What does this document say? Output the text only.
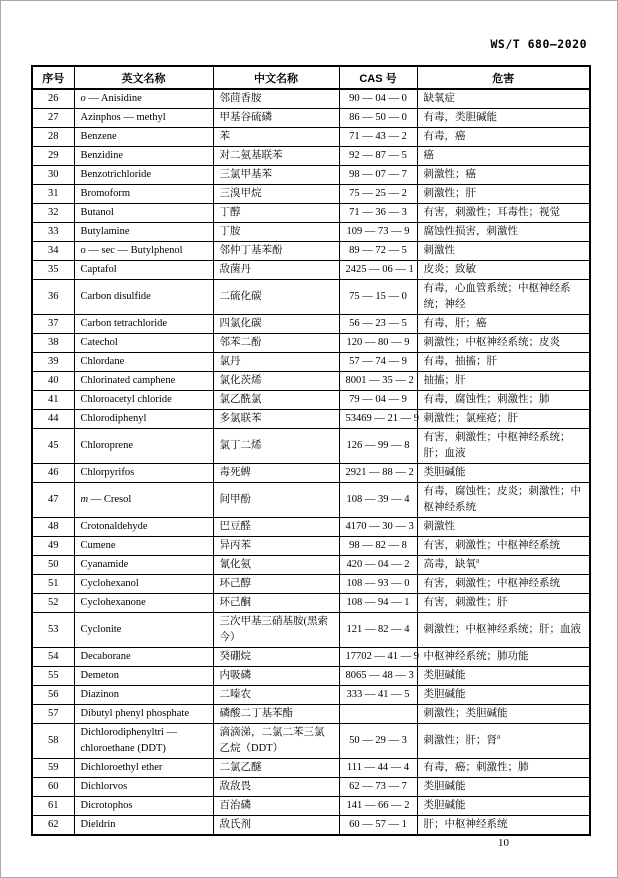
WS/T 680—2020
序号	英文名称	中文名称	CAS 号	危害
26	o — Anisidine	邻茴香胺	90 — 04 — 0	缺氧症
27	Azinphos — methyl	甲基谷硫磷	86 — 50 — 0	有毒，类胆碱能
28	Benzene	苯	71 — 43 — 2	有毒，癌
29	Benzidine	对二氨基联苯	92 — 87 — 5	癌
30	Benzotrichloride	三氯甲基苯	98 — 07 — 7	刺激性；癌
31	Bromoform	三溴甲烷	75 — 25 — 2	刺激性；肝
32	Butanol	丁醇	71 — 36 — 3	有害，刺激性；耳毒性；视觉
33	Butylamine	丁胺	109 — 73 — 9	腐蚀性损害，刺激性
34	o — sec — Butylphenol	邻仲丁基苯酚	89 — 72 — 5	刺激性
35	Captafol	敌菌丹	2425 — 06 — 1	皮炎；致敏
36	Carbon disulfide	二硫化碳	75 — 15 — 0	有毒，心血管系统；中枢神经系统；神经
37	Carbon tetrachloride	四氯化碳	56 — 23 — 5	有毒，肝；癌
38	Catechol	邻苯二酚	120 — 80 — 9	刺激性；中枢神经系统；皮炎
39	Chlordane	氯丹	57 — 74 — 9	有毒，抽搐；肝
40	Chlorinated camphene	氯化茨烯	8001 — 35 — 2	抽搐；肝
41	Chloroacetyl chloride	氯乙酰氯	79 — 04 — 9	有毒，腐蚀性；刺激性；肺
44	Chlorodiphenyl	多氯联苯	53469 — 21 — 9	刺激性；氯痤疮；肝
45	Chloroprene	氯丁二烯	126 — 99 — 8	有害，刺激性；中枢神经系统；肝；血液
46	Chlorpyrifos	毒死蜱	2921 — 88 — 2	类胆碱能
47	m — Cresol	间甲酚	108 — 39 — 4	有毒，腐蚀性；皮炎；刺激性；中枢神经系统
48	Crotonaldehyde	巴豆醛	4170 — 30 — 3	刺激性
49	Cumene	异丙苯	98 — 82 — 8	有害，刺激性；中枢神经系统
50	Cyanamide	氰化氨	420 — 04 — 2	高毒，缺氧$^a$
51	Cyclohexanol	环己醇	108 — 93 — 0	有害，刺激性；中枢神经系统
52	Cyclohexanone	环己酮	108 — 94 — 1	有害，刺激性；肝
53	Cyclonite	三次甲基三硝基胺(黑索今）	121 — 82 — 4	刺激性；中枢神经系统；肝；血液
54	Decaborane	癸硼烷	17702 — 41 — 9	中枢神经系统；肺功能
55	Demeton	内吸磷	8065 — 48 — 3	类胆碱能
56	Diazinon	二嗪农	333 — 41 — 5	类胆碱能
57	Dibutyl phenyl phosphate	磷酸二丁基苯酯		刺激性；类胆碱能
58	Dichlorodiphenyltri — chloroethane (DDT)	滴滴涕，二氯二苯三氯乙烷（DDT）	50 — 29 — 3	刺激性；肝；肾$^a$
59	Dichloroethyl ether	二氯乙醚	111 — 44 — 4	有毒，癌；刺激性；肺
60	Dichlorvos	敌敌畏	62 — 73 — 7	类胆碱能
61	Dicrotophos	百治磷	141 — 66 — 2	类胆碱能
62	Dieldrin	敌氏剂	60 — 57 — 1	肝；中枢神经系统
10
